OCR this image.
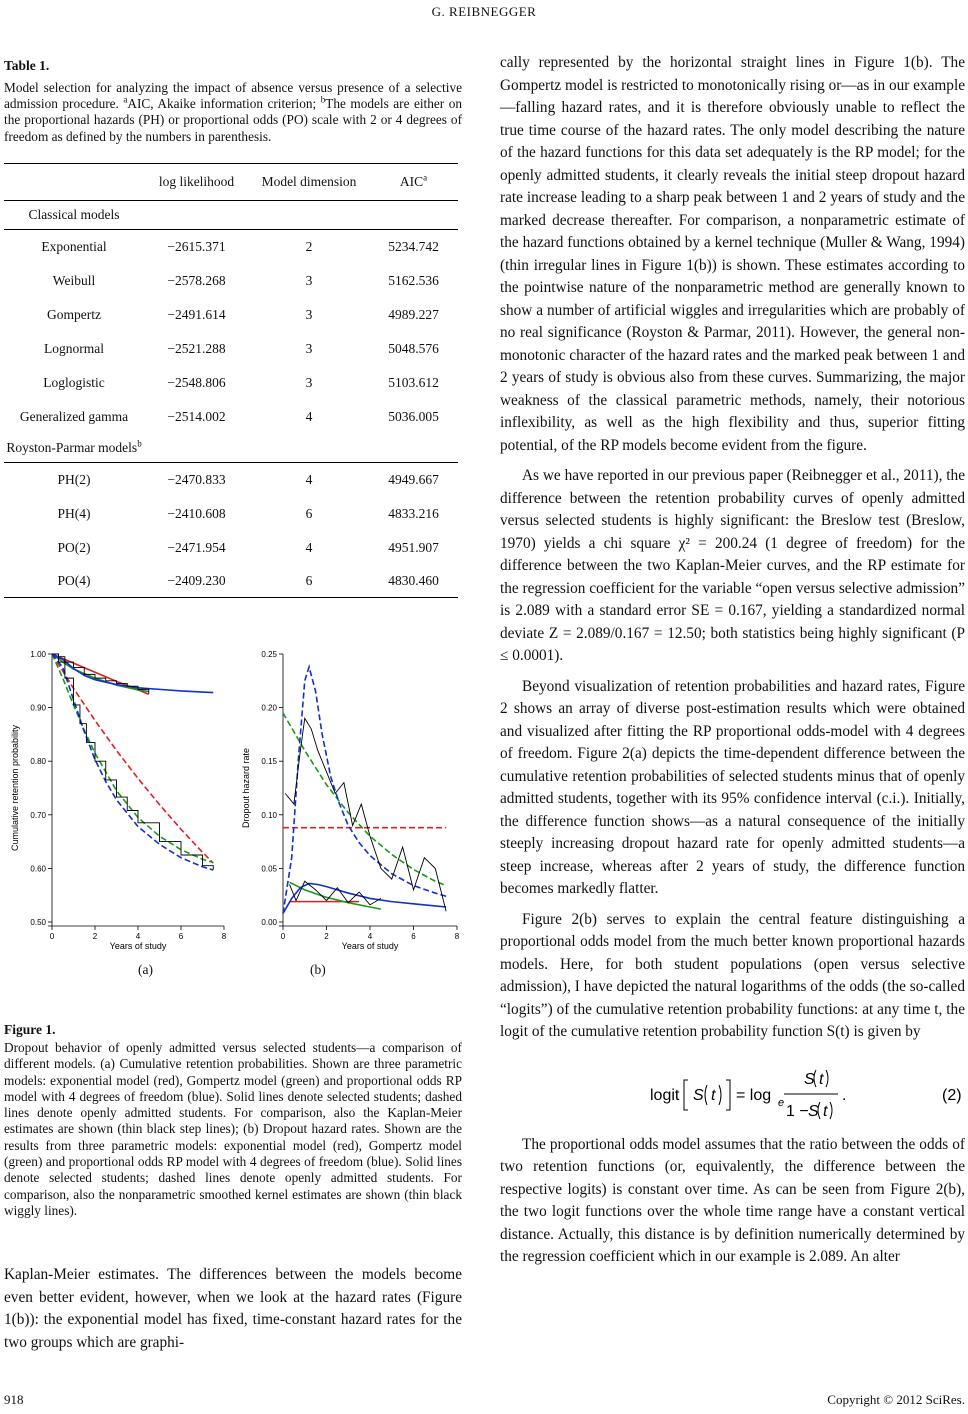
G. REIBNEGGER
Table 1.

Model selection for analyzing the impact of absence versus presence of a selective admission procedure. $^a$AIC, Akaike information criterion; $^b$The models are either on the proportional hazards (PH) or proportional odds (PO) scale with 2 or 4 degrees of freedom as defined by the numbers in parenthesis.

	log likelihood	Model dimension	AIC$^a$
Classical models			
Exponential	−2615.371	2	5234.742
Weibull	−2578.268	3	5162.536
Gompertz	−2491.614	3	4989.227
Lognormal	−2521.288	3	5048.576
Loglogistic	−2548.806	3	5103.612
Generalized gamma	−2514.002	4	5036.005
Royston-Parmar models$^b$			
PH(2)	−2470.833	4	4949.667
PH(4)	−2410.608	6	4833.216
PO(2)	−2471.954	4	4951.907
PO(4)	−2409.230	6	4830.460
0.50
0.60
0.70
0.80
0.90
1.00
0	2	4	6	8
Years of study
Cumulative retention probability
0.00
0.05
0.10
0.15
0.20
0.25
0	2	4	6	8
Years of study
Dropout hazard rate
(a)	(b)
Figure 1.

Dropout behavior of openly admitted versus selected students—a comparison of different models. (a) Cumulative retention probabilities. Shown are three parametric models: exponential model (red), Gompertz model (green) and proportional odds RP model with 4 degrees of freedom (blue). Solid lines denote selected students; dashed lines denote openly admitted students. For comparison, also the Kaplan-Meier estimates are shown (thin black step lines); (b) Dropout hazard rates. Shown are the results from three parametric models: exponential model (red), Gompertz model (green) and proportional odds RP model with 4 degrees of freedom (blue). Solid lines denote selected students; dashed lines denote openly admitted students. For comparison, also the nonparametric smoothed kernel estimates are shown (thin black wiggly lines).

Kaplan-Meier estimates. The differences between the models become even better evident, however, when we look at the hazard rates (Figure 1(b)): the exponential model has fixed, time-constant hazard rates for the two groups which are graphi-

cally represented by the horizontal straight lines in Figure 1(b). The Gompertz model is restricted to monotonically rising or—as in our example—falling hazard rates, and it is therefore obviously unable to reflect the true time course of the hazard rates. The only model describing the nature of the hazard functions for this data set adequately is the RP model; for the openly admitted students, it clearly reveals the initial steep dropout hazard rate increase leading to a sharp peak between 1 and 2 years of study and the marked decrease thereafter. For comparison, a nonparametric estimate of the hazard functions obtained by a kernel technique (Muller & Wang, 1994) (thin irregular lines in Figure 1(b)) is shown. These estimates according to the pointwise nature of the nonparametric method are generally known to show a number of artificial wiggles and irregularities which are probably of no real significance (Royston & Parmar, 2011). However, the general non-monotonic character of the hazard rates and the marked peak between 1 and 2 years of study is obvious also from these curves. Summarizing, the major weakness of the classical parametric methods, namely, their notorious inflexibility, as well as the high flexibility and thus, superior fitting potential, of the RP models become evident from the figure.

As we have reported in our previous paper (Reibnegger et al., 2011), the difference between the retention probability curves of openly admitted versus selected students is highly significant: the Breslow test (Breslow, 1970) yields a chi square χ² = 200.24 (1 degree of freedom) for the difference between the two Kaplan-Meier curves, and the RP estimate for the regression coefficient for the variable “open versus selective admission” is 2.089 with a standard error SE = 0.167, yielding a standardized normal deviate Z = 2.089/0.167 = 12.50; both statistics being highly significant (P ≤ 0.0001).

Beyond visualization of retention probabilities and hazard rates, Figure 2 shows an array of diverse post-estimation results which were obtained and visualized after fitting the RP proportional odds-model with 4 degrees of freedom. Figure 2(a) depicts the time-dependent difference between the cumulative retention probabilities of selected students minus that of openly admitted students, together with its 95% confidence interval (c.i.). Initially, the difference function shows—as a natural consequence of the initially steeply increasing dropout hazard rate for openly admitted students—a steep increase, whereas after 2 years of study, the difference function becomes markedly flatter.

Figure 2(b) serves to explain the central feature distinguishing a proportional odds model from the much better known proportional hazards models. Here, for both student populations (open versus selective admission), I have depicted the natural logarithms of the odds (the so-called “logits”) of the cumulative retention probability functions: at any time t, the logit of the cumulative retention probability function S(t) is given by

logit S t = log e
S t
1 − S t
.	(2)

The proportional odds model assumes that the ratio between the odds of two retention functions (or, equivalently, the difference between the respective logits) is constant over time. As can be seen from Figure 2(b), the two logit functions over the whole time range have a constant vertical distance. Actually, this distance is by definition numerically determined by the regression coefficient which in our example is 2.089. An alter

918	Copyright © 2012 SciRes.
